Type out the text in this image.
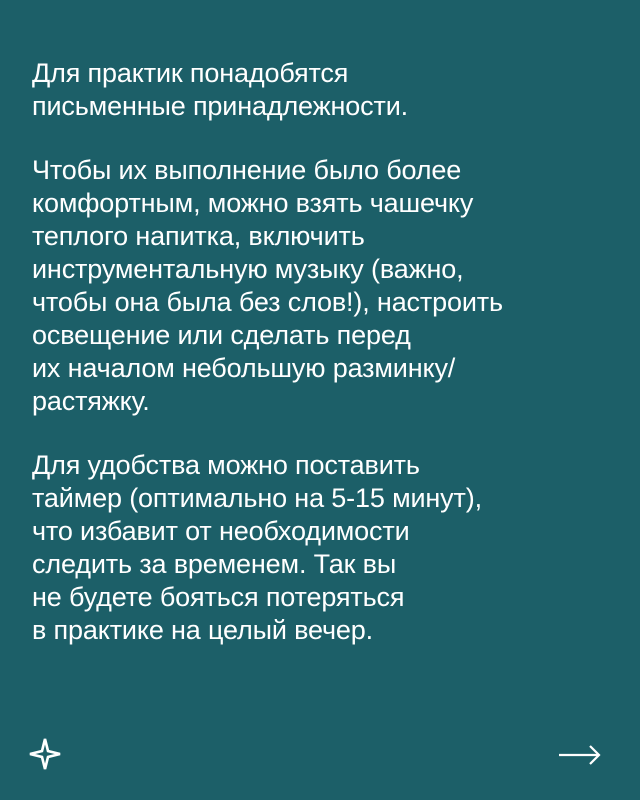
Для практик понадобятся
письменные принадлежности.
Чтобы их выполнение было более
комфортным, можно взять чашечку
теплого напитка, включить
инструментальную музыку (важно,
чтобы она была без слов!), настроить
освещение или сделать перед
их началом небольшую разминку/
растяжку.
Для удобства можно поставить
таймер (оптимально на 5-15 минут),
что избавит от необходимости
следить за временем. Так вы
не будете бояться потеряться
в практике на целый вечер.
